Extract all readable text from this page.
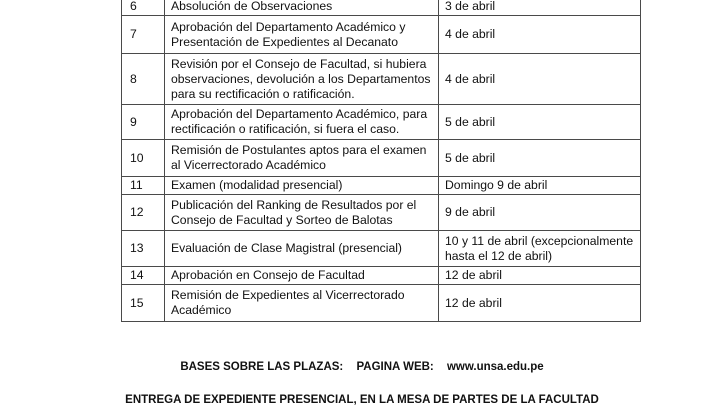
6	Absolución de Observaciones	3 de abril
7	Aprobación del Departamento Académico y Presentación de Expedientes al Decanato	4 de abril
8	Revisión por el Consejo de Facultad, si hubiera observaciones, devolución a los Departamentos para su rectificación o ratificación.	4 de abril
9	Aprobación del Departamento Académico, para rectificación o ratificación, si fuera el caso.	5 de abril
10	Remisión de Postulantes aptos para el examen al Vicerrectorado Académico	5 de abril
11	Examen (modalidad presencial)	Domingo 9 de abril
12	Publicación del Ranking de Resultados por el Consejo de Facultad y Sorteo de Balotas	9 de abril
13	Evaluación de Clase Magistral (presencial)	10 y 11 de abril (excepcionalmente hasta el 12 de abril)
14	Aprobación en Consejo de Facultad	12 de abril
15	Remisión de Expedientes al Vicerrectorado Académico	12 de abril
BASES SOBRE LAS PLAZAS: PAGINA WEB: www.unsa.edu.pe
ENTREGA DE EXPEDIENTE PRESENCIAL, EN LA MESA DE PARTES DE LA FACULTAD
